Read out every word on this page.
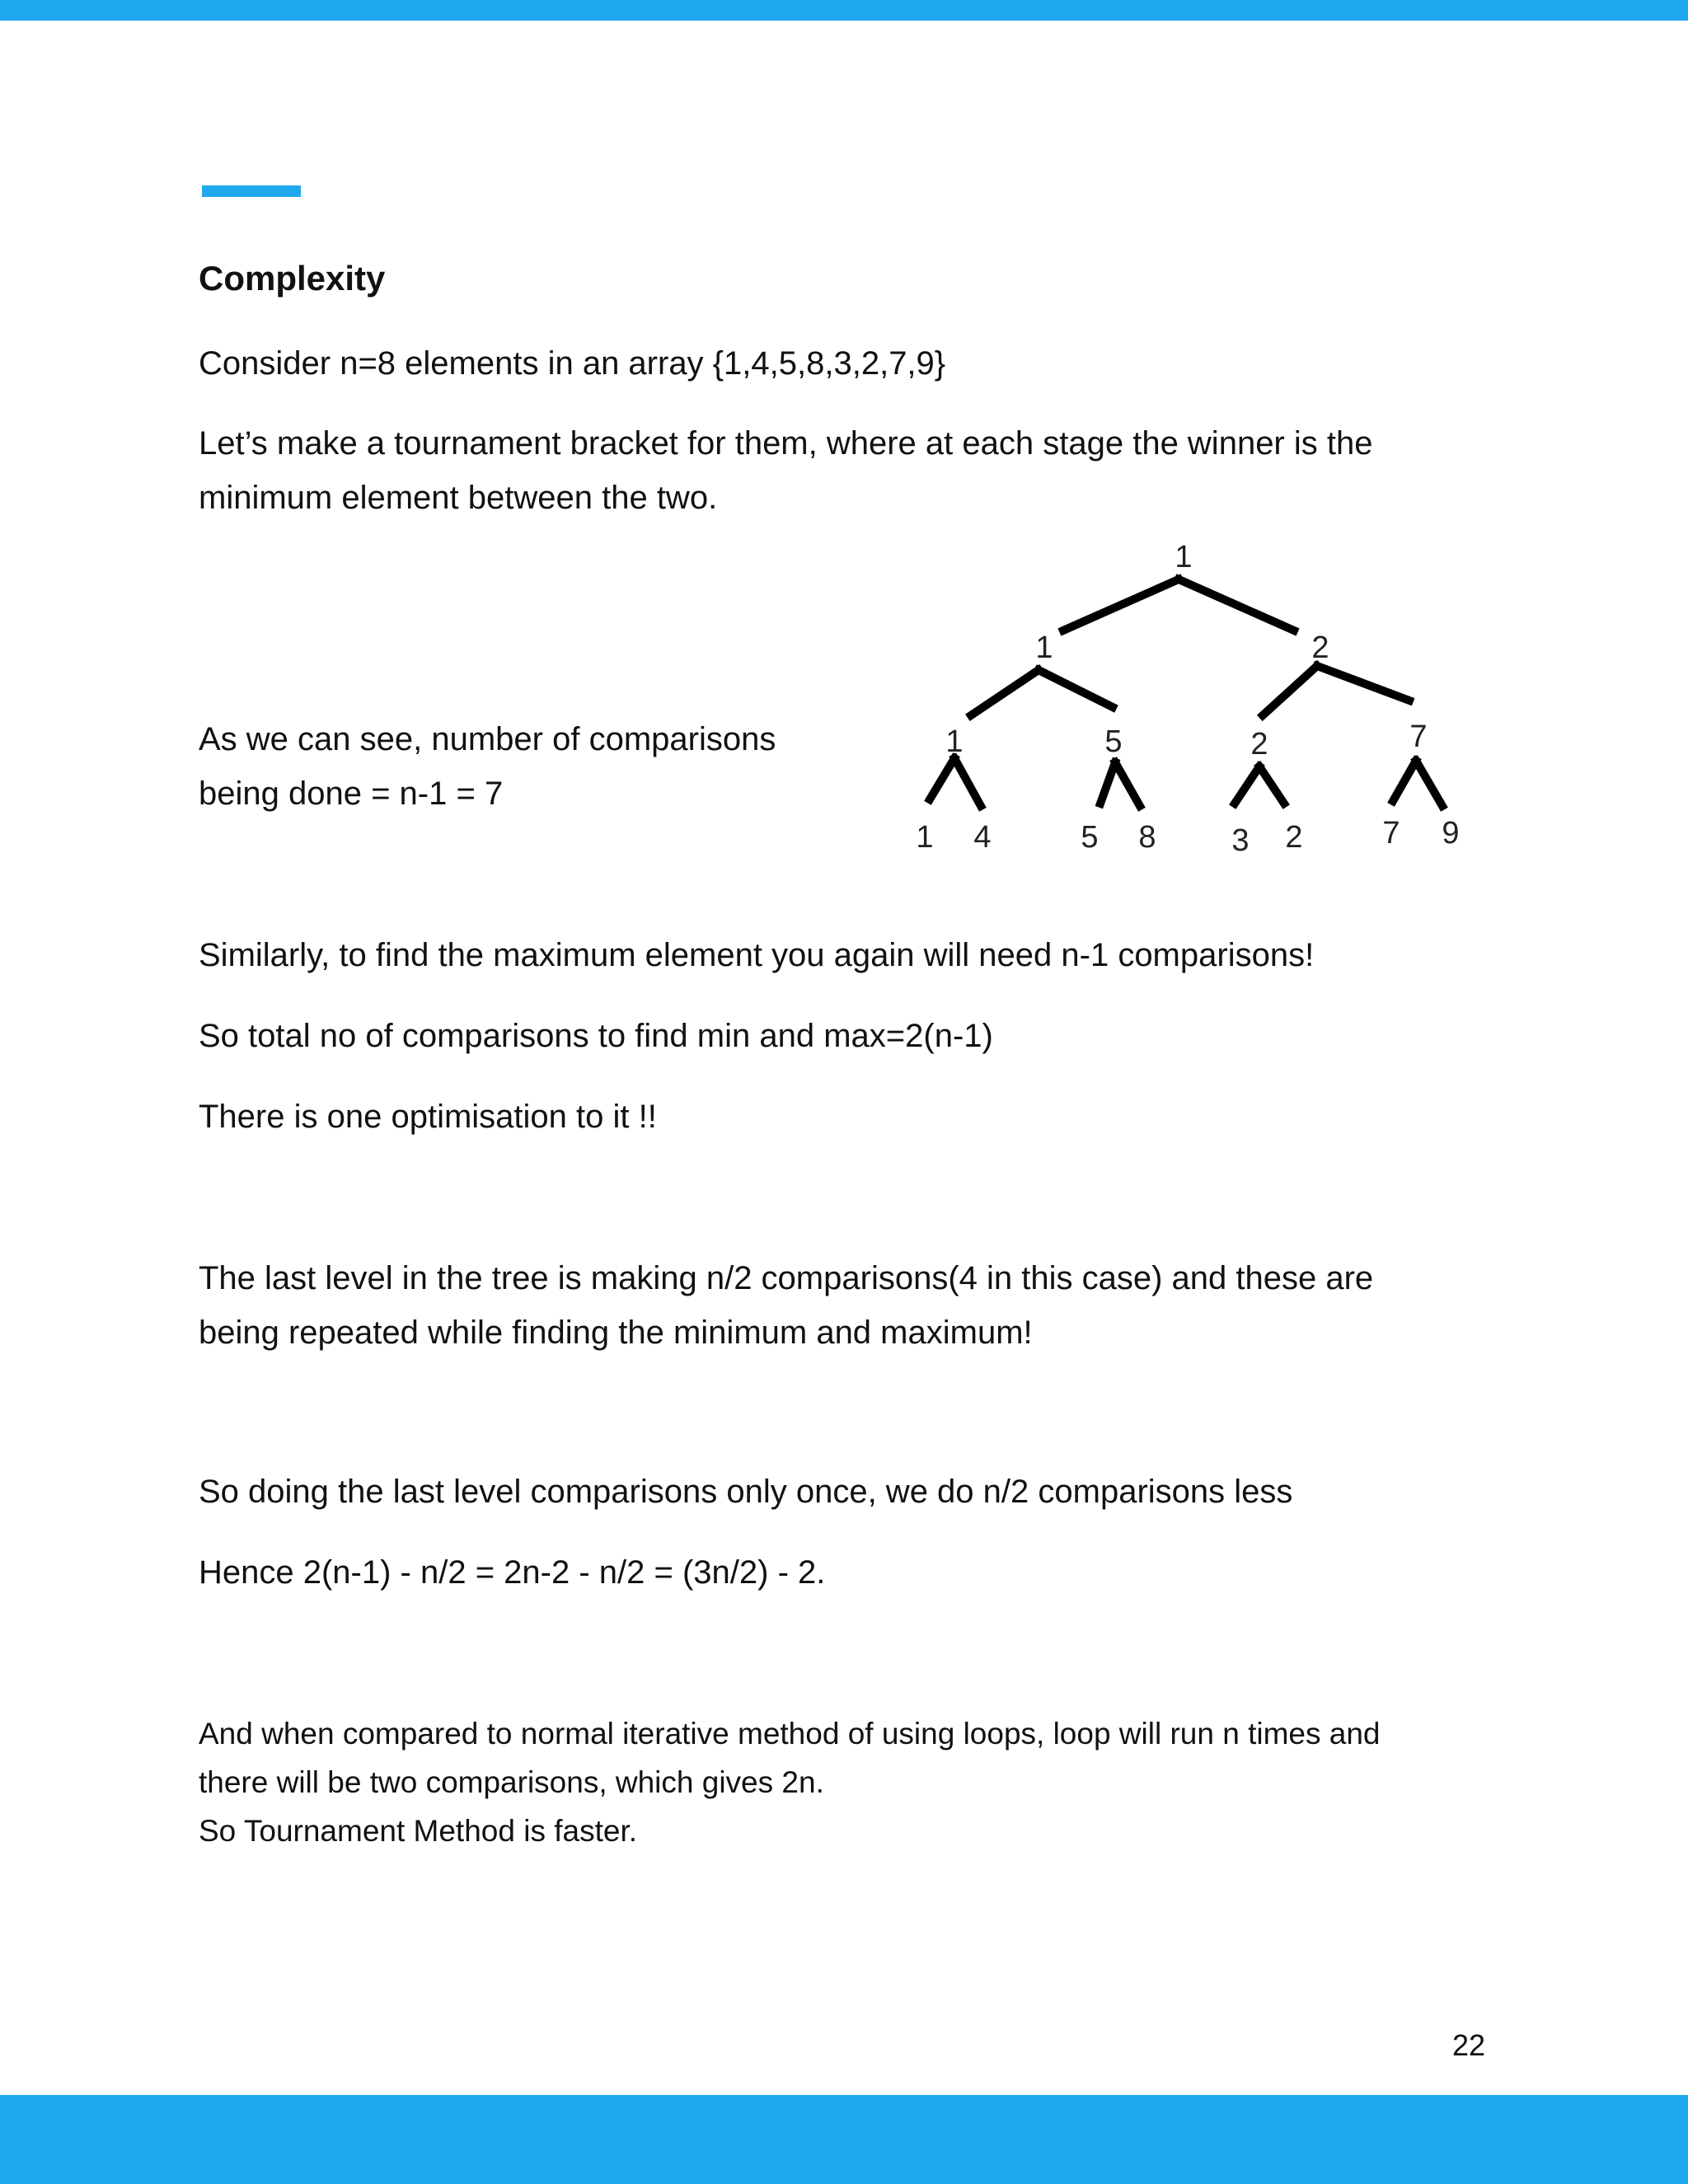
Complexity

Consider n=8 elements in an array {1,4,5,8,3,2,7,9}

Let’s make a tournament bracket for them, where at each stage the winner is the

minimum element between the two.

As we can see, number of comparisons

being done = n-1 = 7

1
1	2
1	5	2	7
1 4	5 8 3 2	7 9

Similarly, to find the maximum element you again will need n-1 comparisons!

So total no of comparisons to find min and max=2(n-1)

There is one optimisation to it !!

The last level in the tree is making n/2 comparisons(4 in this case) and these are

being repeated while finding the minimum and maximum!

So doing the last level comparisons only once, we do n/2 comparisons less

Hence 2(n-1) - n/2 = 2n-2 - n/2 = (3n/2) - 2.

And when compared to normal iterative method of using loops, loop will run n times and

there will be two comparisons, which gives 2n.

So Tournament Method is faster.

22
